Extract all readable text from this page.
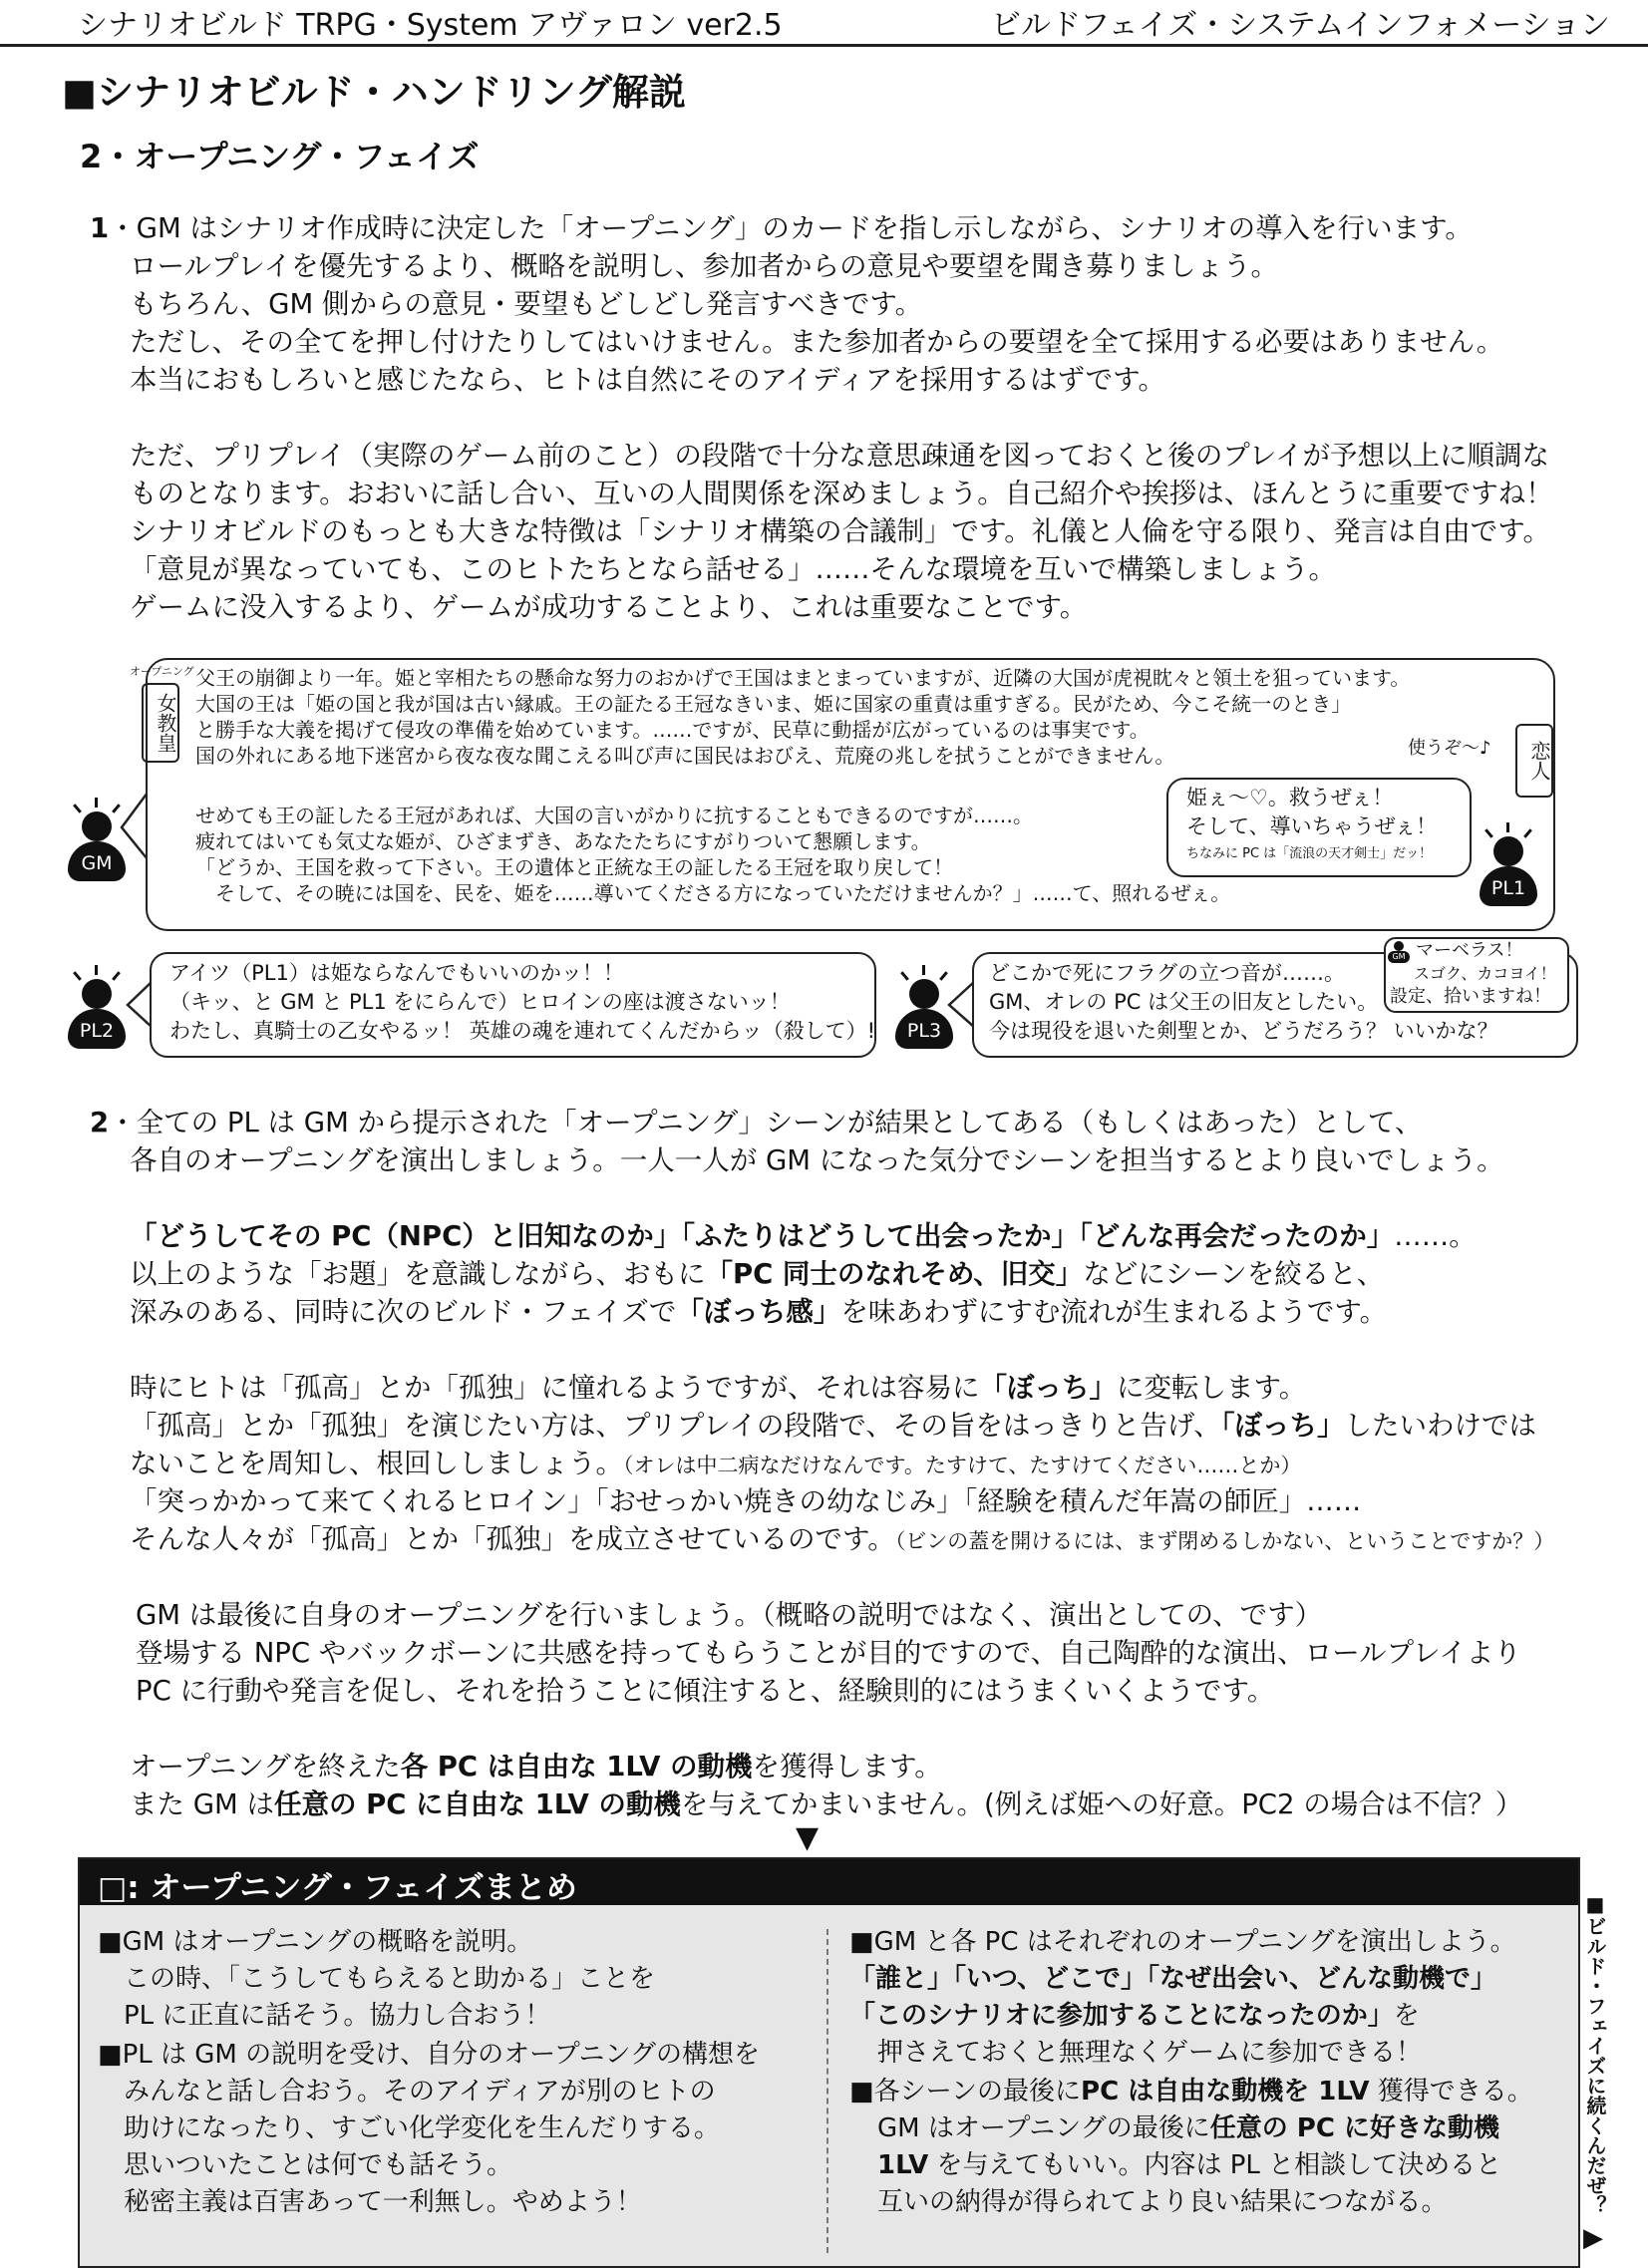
シナリオビルド TRPG・System アヴァロン ver2.5	ビルドフェイズ・システムインフォメーション
■シナリオビルド・ハンドリング解説
2・オープニング・フェイズ
1・GM はシナリオ作成時に決定した「オープニング」のカードを指し示しながら、シナリオの導入を行います。
ロールプレイを優先するより、概略を説明し、参加者からの意見や要望を聞き募りましょう。
もちろん、GM 側からの意見・要望もどしどし発言すべきです。
ただし、その全てを押し付けたりしてはいけません。また参加者からの要望を全て採用する必要はありません。
本当におもしろいと感じたなら、ヒトは自然にそのアイディアを採用するはずです。
ただ、プリプレイ（実際のゲーム前のこと）の段階で十分な意思疎通を図っておくと後のプレイが予想以上に順調な
ものとなります。おおいに話し合い、互いの人間関係を深めましょう。自己紹介や挨拶は、ほんとうに重要ですね！
シナリオビルドのもっとも大きな特徴は「シナリオ構築の合議制」です。礼儀と人倫を守る限り、発言は自由です。
「意見が異なっていても、このヒトたちとなら話せる」……そんな環境を互いで構築しましょう。
ゲームに没入するより、ゲームが成功することより、これは重要なことです。
オープニング
女教皇
父王の崩御より一年。姫と宰相たちの懸命な努力のおかげで王国はまとまっていますが、近隣の大国が虎視眈々と領土を狙っています。
大国の王は「姫の国と我が国は古い縁戚。王の証たる王冠なきいま、姫に国家の重責は重すぎる。民がため、今こそ統一のとき」
と勝手な大義を掲げて侵攻の準備を始めています。……ですが、民草に動揺が広がっているのは事実です。
国の外れにある地下迷宮から夜な夜な聞こえる叫び声に国民はおびえ、荒廃の兆しを拭うことができません。
せめても王の証したる王冠があれば、大国の言いがかりに抗することもできるのですが……。
疲れてはいても気丈な姫が、ひざまずき、あなたたちにすがりついて懇願します。
「どうか、王国を救って下さい。王の遺体と正統な王の証したる王冠を取り戻して！
　そして、その暁には国を、民を、姫を……導いてくださる方になっていただけませんか？」……て、照れるぜぇ。
使うぞ〜♪	恋人
姫ぇ〜♡。救うぜぇ！
そして、導いちゃうぜぇ！
ちなみに PC は「流浪の天才剣士」だッ！
GM
PL1
PL2	PL3
アイツ（PL1）は姫ならなんでもいいのかッ！！
（キッ、と GM と PL1 をにらんで）ヒロインの座は渡さないッ！
わたし、真騎士の乙女やるッ！ 英雄の魂を連れてくんだからッ（殺して）!
どこかで死にフラグの立つ音が……。
GM、オレの PC は父王の旧友としたい。
今は現役を退いた剣聖とか、どうだろう？ いいかな？
GM マーベラス！
スゴク、カコヨイ！
設定、拾いますね！
2・全ての PL は GM から提示された「オープニング」シーンが結果としてある（もしくはあった）として、
各自のオープニングを演出しましょう。一人一人が GM になった気分でシーンを担当するとより良いでしょう。
「どうしてその PC（NPC）と旧知なのか」「ふたりはどうして出会ったか」「どんな再会だったのか」……。
以上のような「お題」を意識しながら、おもに「PC 同士のなれそめ、旧交」などにシーンを絞ると、
深みのある、同時に次のビルド・フェイズで「ぼっち感」を味あわずにすむ流れが生まれるようです。
時にヒトは「孤高」とか「孤独」に憧れるようですが、それは容易に「ぼっち」に変転します。
「孤高」とか「孤独」を演じたい方は、プリプレイの段階で、その旨をはっきりと告げ、「ぼっち」したいわけでは
ないことを周知し、根回ししましょう。（オレは中二病なだけなんです。たすけて、たすけてください……とか）
「突っかかって来てくれるヒロイン」「おせっかい焼きの幼なじみ」「経験を積んだ年嵩の師匠」……
そんな人々が「孤高」とか「孤独」を成立させているのです。（ビンの蓋を開けるには、まず閉めるしかない、ということですか？）
GM は最後に自身のオープニングを行いましょう。（概略の説明ではなく、演出としての、です）
登場する NPC やバックボーンに共感を持ってもらうことが目的ですので、自己陶酔的な演出、ロールプレイより
PC に行動や発言を促し、それを拾うことに傾注すると、経験則的にはうまくいくようです。
オープニングを終えた各 PC は自由な 1LV の動機を獲得します。
また GM は任意の PC に自由な 1LV の動機を与えてかまいません。(例えば姫への好意。PC2 の場合は不信？）
▼
□: オープニング・フェイズまとめ
■GM はオープニングの概略を説明。
　この時、「こうしてもらえると助かる」ことを
　PL に正直に話そう。協力し合おう！
■PL は GM の説明を受け、自分のオープニングの構想を
　みんなと話し合おう。そのアイディアが別のヒトの
　助けになったり、すごい化学変化を生んだりする。
　思いついたことは何でも話そう。
　秘密主義は百害あって一利無し。やめよう！
■GM と各 PC はそれぞれのオープニングを演出しよう。
「誰と」「いつ、どこで」「なぜ出会い、どんな動機で」
「このシナリオに参加することになったのか」を
押さえておくと無理なくゲームに参加できる！
■各シーンの最後にPC は自由な動機を 1LV 獲得できる。
GM はオープニングの最後に任意の PC に好きな動機
1LV を与えてもいい。内容は PL と相談して決めると
互いの納得が得られてより良い結果につながる。	■ビルド・フェイズに続くんだぜ？
▶
